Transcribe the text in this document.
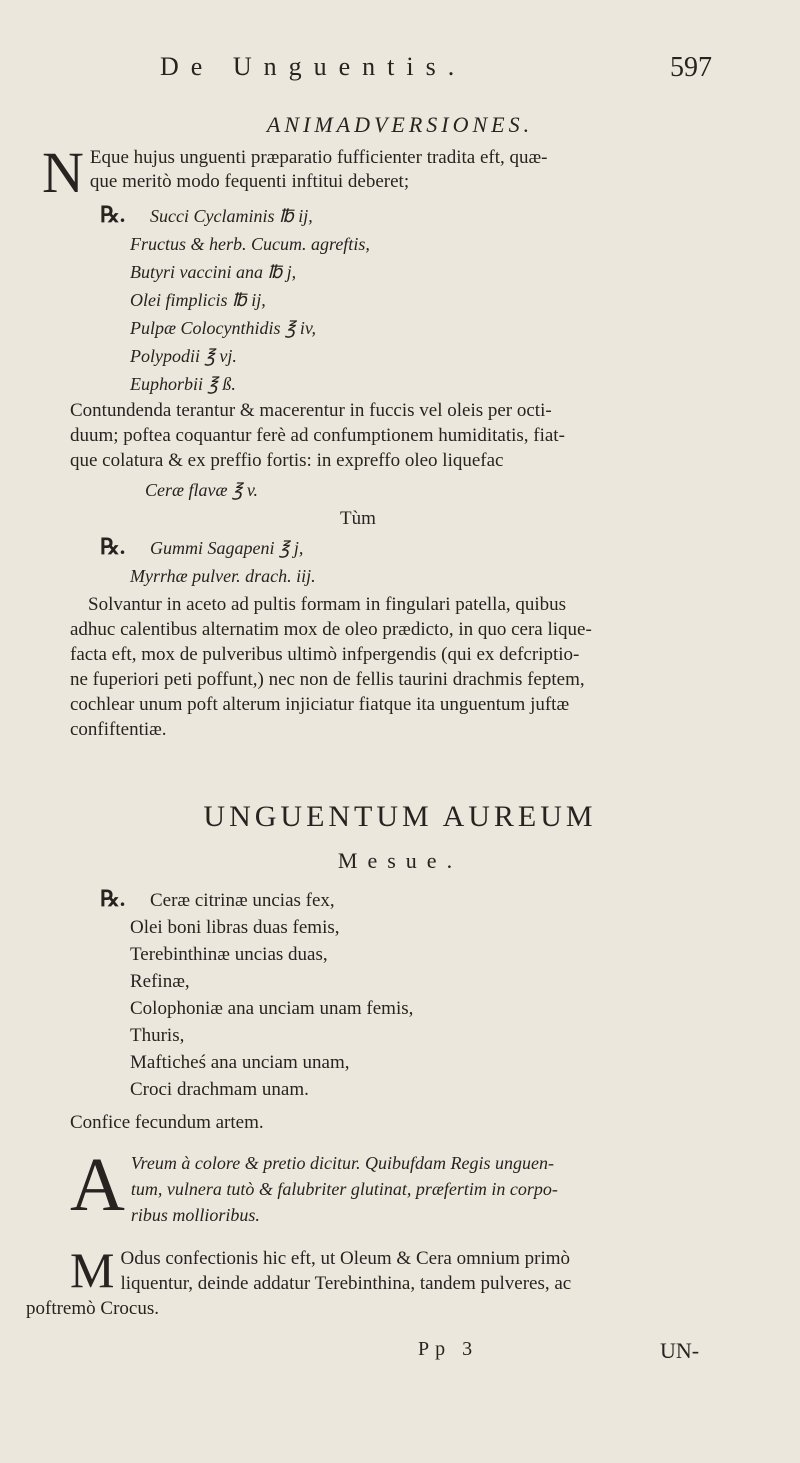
De Unguentis.	597
ANIMADVERSIONES.
N Eque hujus unguenti præparatio fufficienter tradita eft, quæ-
que meritò modo fequenti inftitui deberet;
℞. Succi Cyclaminis ℔ ij,
Fructus & herb. Cucum. agreftis,
Butyri vaccini ana ℔ j,
Olei fimplicis ℔ ij,
Pulpæ Colocynthidis ℥ iv,
Polypodii ℥ vj.
Euphorbii ℥ ß.
Contundenda terantur & macerentur in fuccis vel oleis per octi-
duum; poftea coquantur ferè ad confumptionem humiditatis, fiat-
que colatura & ex preffio fortis: in expreffo oleo liquefac
Ceræ flavæ ℥ v.
Tùm
℞. Gummi Sagapeni ℥ j,
Myrrhæ pulver. drach. iij.
Solvantur in aceto ad pultis formam in fingulari patella, quibus
adhuc calentibus alternatim mox de oleo prædicto, in quo cera lique-
facta eft, mox de pulveribus ultimò infpergendis (qui ex defcriptio-
ne fuperiori peti poffunt,) nec non de fellis taurini drachmis feptem,
cochlear unum poft alterum injiciatur fiatque ita unguentum juftæ
confiftentiæ.
UNGUENTUM AUREUM
Mesue.
℞. Ceræ citrinæ uncias fex,
Olei boni libras duas femis,
Terebinthinæ uncias duas,
Refinæ,
Colophoniæ ana unciam unam femis,
Thuris,
Mafticheś ana unciam unam,
Croci drachmam unam.
Confice fecundum artem.
A Vreum à colore & pretio dicitur. Quibufdam Regis unguen-
tum, vulnera tutò & falubriter glutinat, præfertim in corpo-
ribus mollioribus.
M Odus confectionis hic eft, ut Oleum & Cera omnium primò
liquentur, deinde addatur Terebinthina, tandem pulveres, ac
poftremò Crocus.
Pp 3	UN-
